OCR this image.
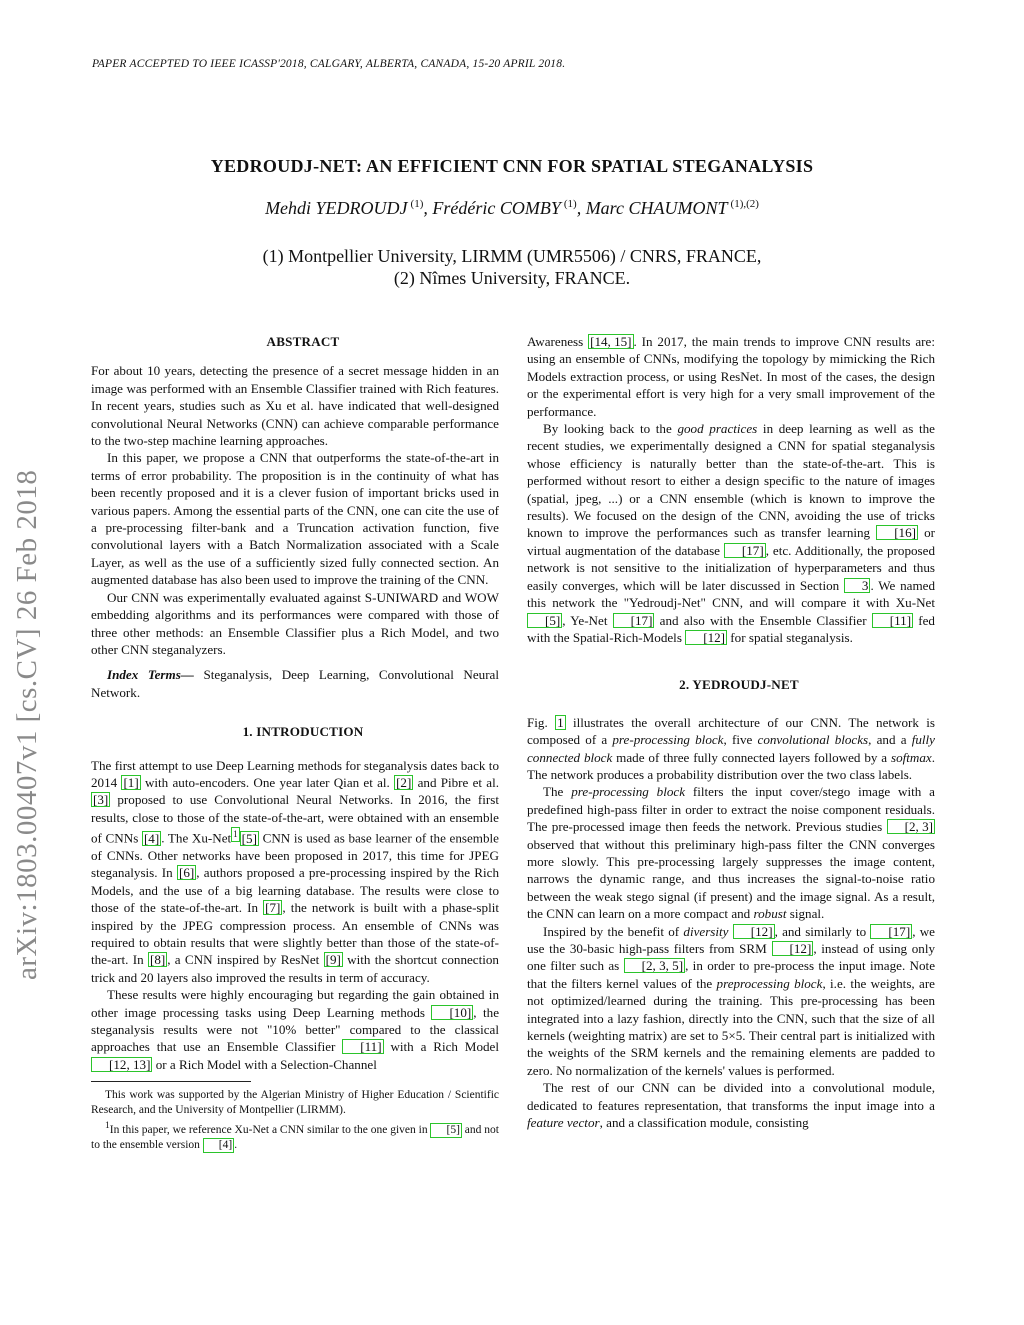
PAPER ACCEPTED TO IEEE ICASSP'2018, CALGARY, ALBERTA, CANADA, 15-20 APRIL 2018.
YEDROUDJ-NET: AN EFFICIENT CNN FOR SPATIAL STEGANALYSIS
Mehdi YEDROUDJ $^{(1)}$, Frédéric COMBY $^{(1)}$, Marc CHAUMONT $^{(1),(2)}$
(1) Montpellier University, LIRMM (UMR5506) / CNRS, FRANCE,
(2) Nîmes University, FRANCE.
arXiv:1803.00407v1 [cs.CV] 26 Feb 2018

ABSTRACT

For about 10 years, detecting the presence of a secret message hidden in an image was performed with an Ensemble Classifier trained with Rich features. In recent years, studies such as Xu et al. have indicated that well-designed convolutional Neural Networks (CNN) can achieve comparable performance to the two-step machine learning approaches.

In this paper, we propose a CNN that outperforms the state-of-the-art in terms of error probability. The proposition is in the continuity of what has been recently proposed and it is a clever fusion of important bricks used in various papers. Among the essential parts of the CNN, one can cite the use of a pre-processing filter-bank and a Truncation activation function, five convolutional layers with a Batch Normalization associated with a Scale Layer, as well as the use of a sufficiently sized fully connected section. An augmented database has also been used to improve the training of the CNN.

Our CNN was experimentally evaluated against S-UNIWARD and WOW embedding algorithms and its performances were compared with those of three other methods: an Ensemble Classifier plus a Rich Model, and two other CNN steganalyzers.

Index Terms— Steganalysis, Deep Learning, Convolutional Neural Network.

1. INTRODUCTION

The first attempt to use Deep Learning methods for steganalysis dates back to 2014 [1] with auto-encoders. One year later Qian et al. [2] and Pibre et al. [3] proposed to use Convolutional Neural Networks. In 2016, the first results, close to those of the state-of-the-art, were obtained with an ensemble of CNNs [4] . The Xu-Net $^1$ [5] CNN is used as base learner of the ensemble of CNNs. Other networks have been proposed in 2017, this time for JPEG steganalysis. In [6] , authors proposed a pre-processing inspired by the Rich Models, and the use of a big learning database. The results were close to those of the state-of-the-art. In [7] , the network is built with a phase-split inspired by the JPEG compression process. An ensemble of CNNs was required to obtain results that were slightly better than those of the state-of-the-art. In [8] , a CNN inspired by ResNet [9] with the shortcut connection trick and 20 layers also improved the results in term of accuracy.

These results were highly encouraging but regarding the gain obtained in other image processing tasks using Deep Learning methods [10] , the steganalysis results were not "10% better" compared to the classical approaches that use an Ensemble Classifier [11] with a Rich Model [12, 13] or a Rich Model with a Selection-Channel

This work was supported by the Algerian Ministry of Higher Education / Scientific Research, and the University of Montpellier (LIRMM).

$^1$In this paper, we reference Xu-Net a CNN similar to the one given in [5] and not to the ensemble version [4] .

Awareness [14, 15] . In 2017, the main trends to improve CNN results are: using an ensemble of CNNs, modifying the topology by mimicking the Rich Models extraction process, or using ResNet. In most of the cases, the design or the experimental effort is very high for a very small improvement of the performance.

By looking back to the good practices in deep learning as well as the recent studies, we experimentally designed a CNN for spatial steganalysis whose efficiency is naturally better than the state-of-the-art. This is performed without resort to either a design specific to the nature of images (spatial, jpeg, ...) or a CNN ensemble (which is known to improve the results). We focused on the design of the CNN, avoiding the use of tricks known to improve the performances such as transfer learning [16] or virtual augmentation of the database [17] , etc. Additionally, the proposed network is not sensitive to the initialization of hyperparameters and thus easily converges, which will be later discussed in Section 3 . We named this network the "Yedroudj-Net" CNN, and will compare it with Xu-Net [5] , Ye-Net [17] and also with the Ensemble Classifier [11] fed with the Spatial-Rich-Models [12] for spatial steganalysis.

2. YEDROUDJ-NET

Fig. 1 illustrates the overall architecture of our CNN. The network is composed of a pre-processing block, five convolutional blocks, and a fully connected block made of three fully connected layers followed by a softmax. The network produces a probability distribution over the two class labels.

The pre-processing block filters the input cover/stego image with a predefined high-pass filter in order to extract the noise component residuals. The pre-processed image then feeds the network. Previous studies [2, 3] observed that without this preliminary high-pass filter the CNN converges more slowly. This pre-processing largely suppresses the image content, narrows the dynamic range, and thus increases the signal-to-noise ratio between the weak stego signal (if present) and the image signal. As a result, the CNN can learn on a more compact and robust signal.

Inspired by the benefit of diversity [12] , and similarly to [17] , we use the 30-basic high-pass filters from SRM [12] , instead of using only one filter such as [2, 3, 5] , in order to pre-process the input image. Note that the filters kernel values of the preprocessing block, i.e. the weights, are not optimized/learned during the training. This pre-processing has been integrated into a lazy fashion, directly into the CNN, such that the size of all kernels (weighting matrix) are set to 5×5. Their central part is initialized with the weights of the SRM kernels and the remaining elements are padded to zero. No normalization of the kernels' values is performed.

The rest of our CNN can be divided into a convolutional module, dedicated to features representation, that transforms the input image into a feature vector, and a classification module, consisting
